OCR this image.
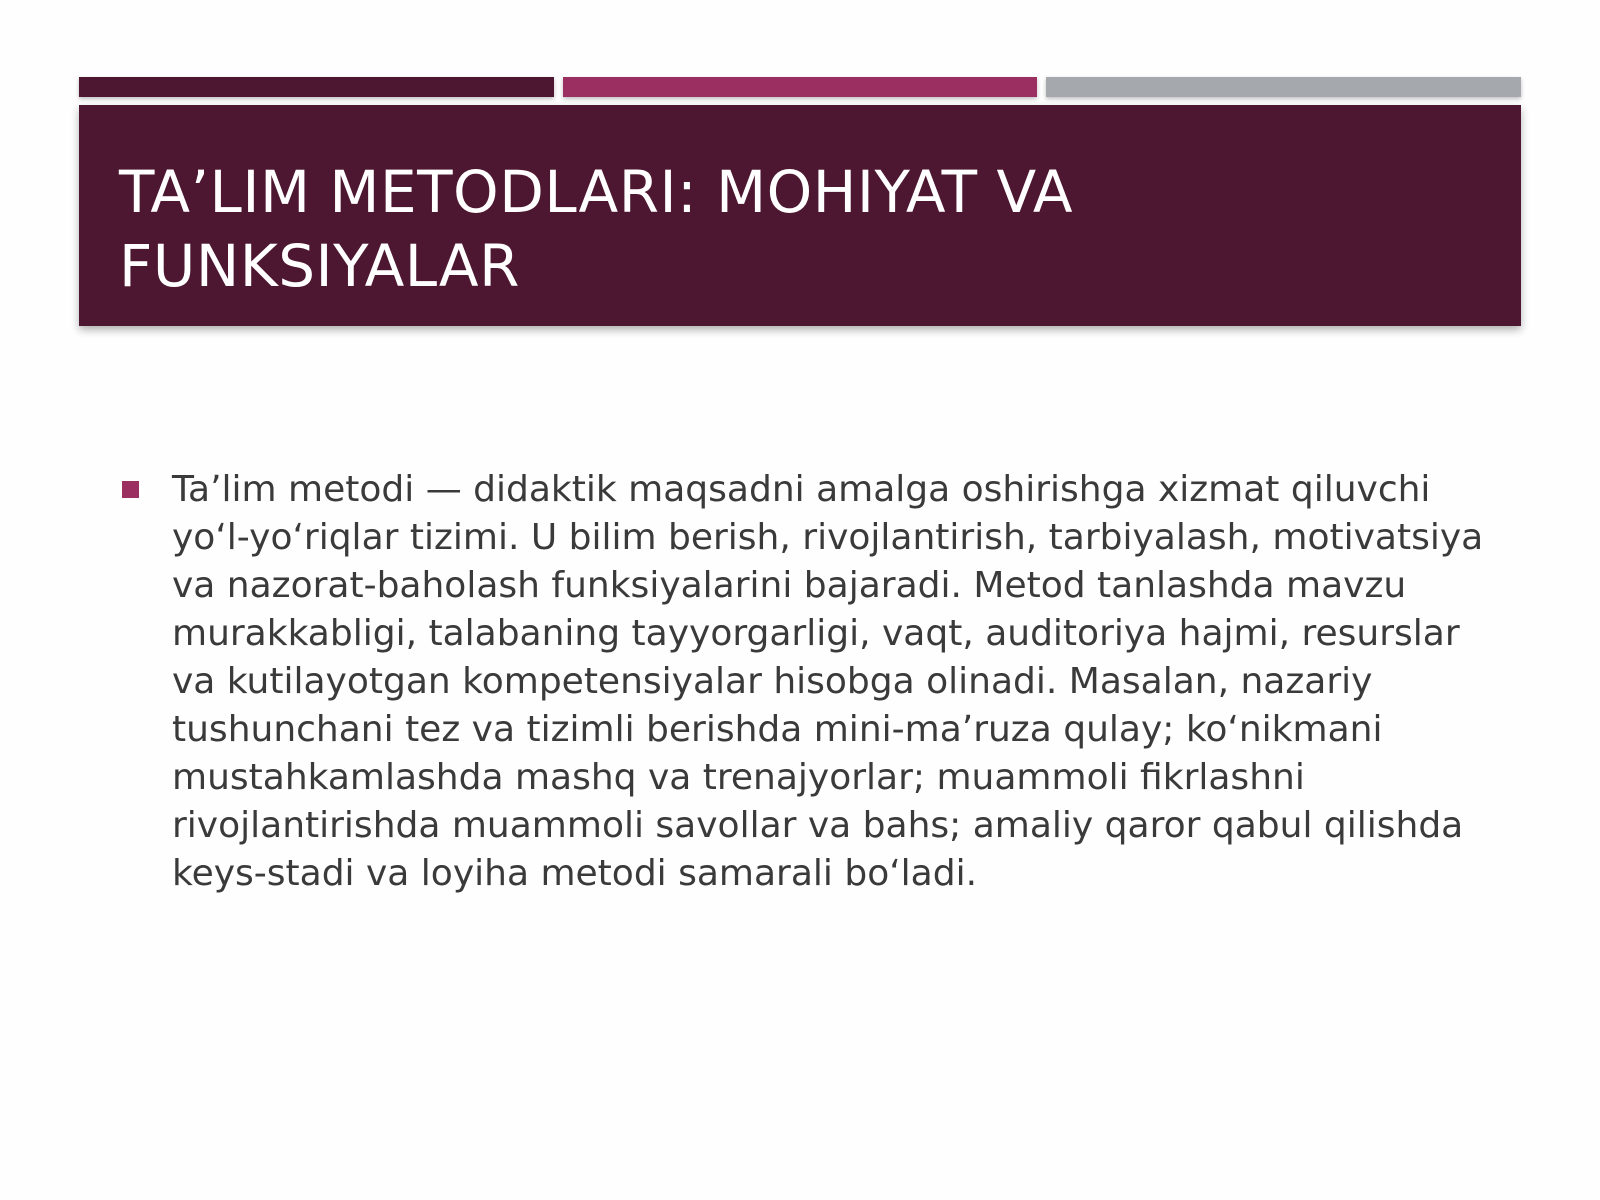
TA’LIM METODLARI: MOHIYAT VA FUNKSIYALAR

Ta’lim metodi — didaktik maqsadni amalga oshirishga xizmat qiluvchi yo‘l-yo‘riqlar tizimi. U bilim berish, rivojlantirish, tarbiyalash, motivatsiya va nazorat-baholash funksiyalarini bajaradi. Metod tanlashda mavzu murakkabligi, talabaning tayyorgarligi, vaqt, auditoriya hajmi, resurslar va kutilayotgan kompetensiyalar hisobga olinadi. Masalan, nazariy tushunchani tez va tizimli berishda mini-ma’ruza qulay; ko‘nikmani mustahkamlashda mashq va trenajyorlar; muammoli fikrlashni rivojlantirishda muammoli savollar va bahs; amaliy qaror qabul qilishda keys-stadi va loyiha metodi samarali bo‘ladi.
